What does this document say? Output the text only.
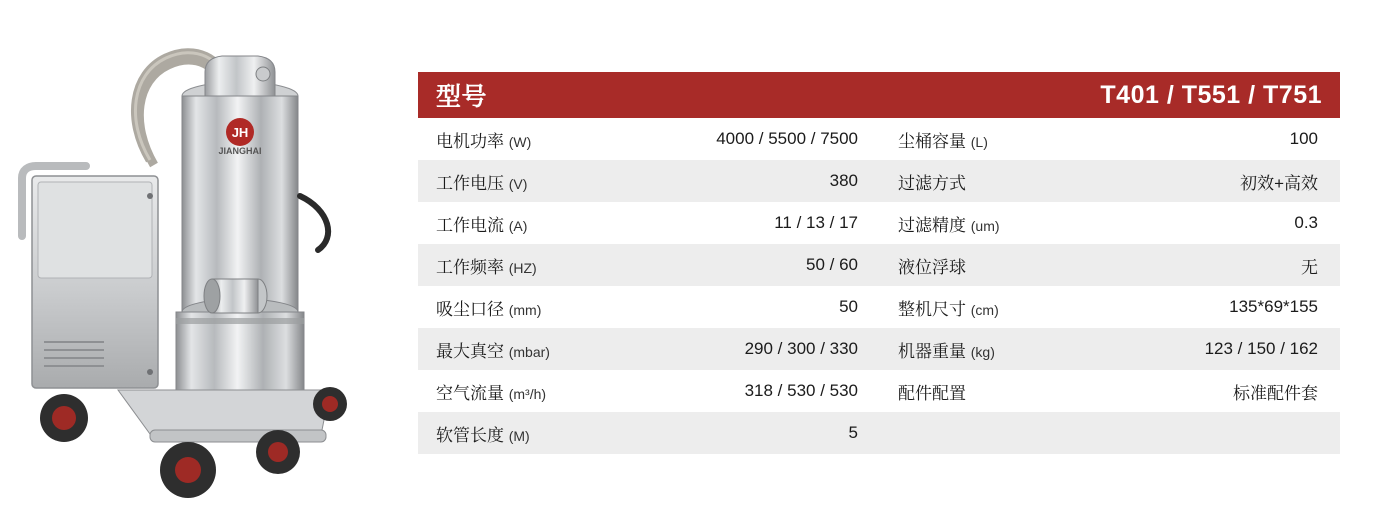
JH
JIANGHAI
型号		T401 / T551 / T751	
电机功率 (W)	4000 / 5500 / 7500	尘桶容量 (L)	100
工作电压 (V)	380	过滤方式	初效+高效
工作电流 (A)	11 / 13 / 17	过滤精度 (um)	0.3
工作频率 (HZ)	50 / 60	液位浮球	无
吸尘口径 (mm)	50	整机尺寸 (cm)	135*69*155
最大真空 (mbar)	290 / 300 / 330	机器重量 (kg)	123 / 150 / 162
空气流量 (m³/h)	318 / 530 / 530	配件配置	标准配件套
软管长度 (M)	5		
